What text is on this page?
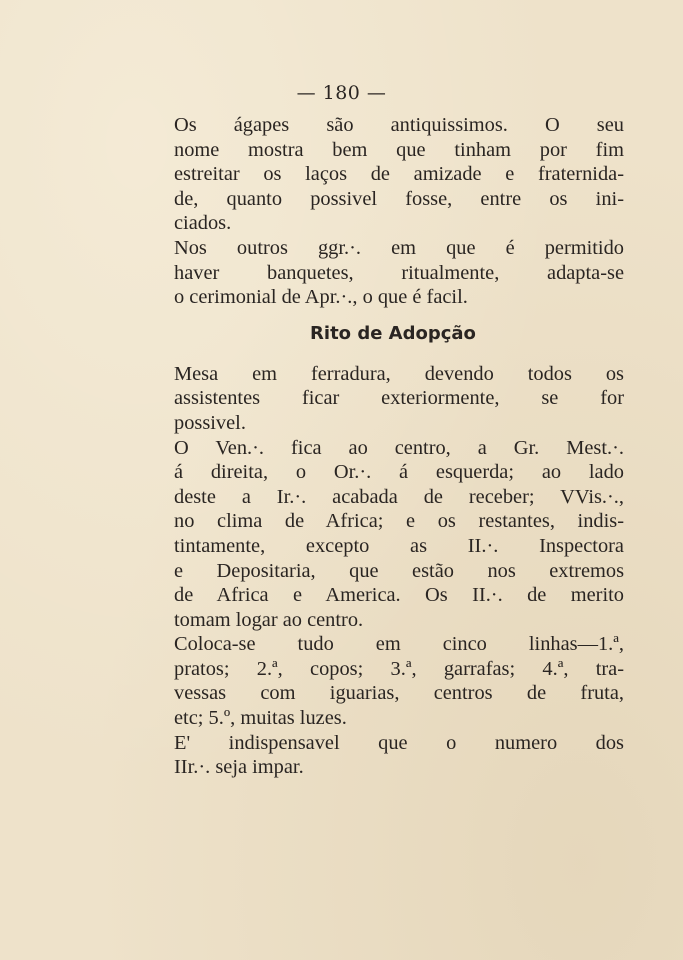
— 180 —

Os ágapes são antiquissimos. O seu
nome mostra bem que tinham por fim
estreitar os laços de amizade e fraternida-
de, quanto possivel fosse, entre os ini-
ciados.

Nos outros ggr.·. em que é permitido
haver banquetes, ritualmente, adapta-se
o cerimonial de Apr.·., o que é facil.

Rito de Adopção

Mesa em ferradura, devendo todos os
assistentes ficar exteriormente, se for
possivel.

O Ven.·. fica ao centro, a Gr. Mest.·.
á direita, o Or.·. á esquerda; ao lado
deste a Ir.·. acabada de receber; VVis.·.,
no clima de Africa; e os restantes, indis-
tintamente, excepto as II.·. Inspectora
e Depositaria, que estão nos extremos
de Africa e America. Os II.·. de merito
tomam logar ao centro.

Coloca-se tudo em cinco linhas—1.ª,
pratos; 2.ª, copos; 3.ª, garrafas; 4.ª, tra-
vessas com iguarias, centros de fruta,
etc; 5.º, muitas luzes.

E' indispensavel que o numero dos
IIr.·. seja impar.
